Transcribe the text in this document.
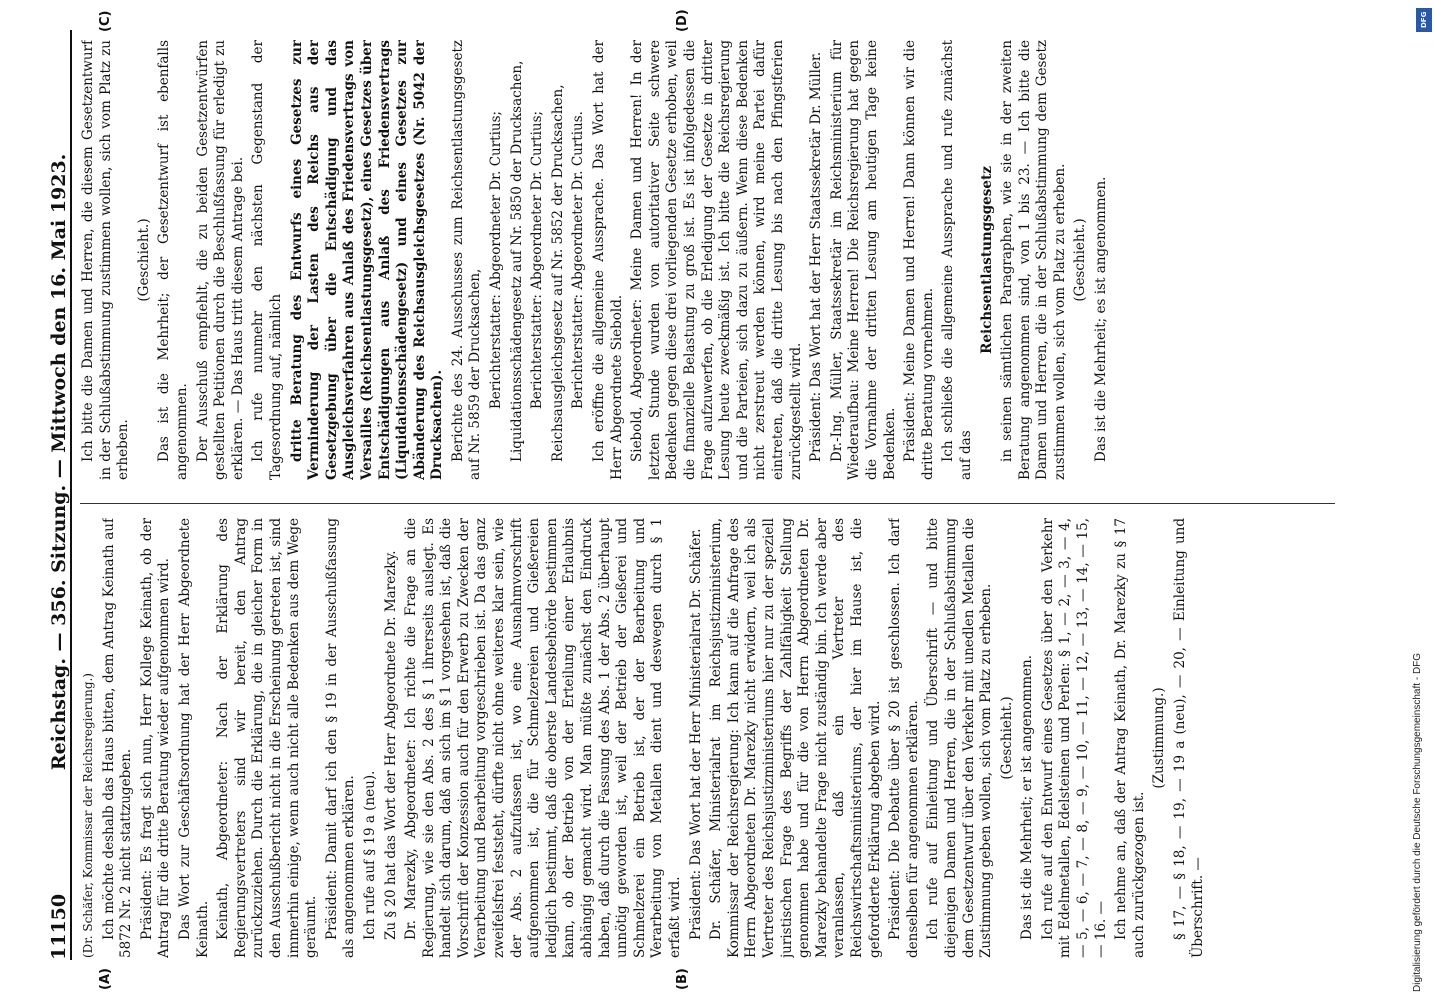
11150
Reichstag. — 356. Sitzung. — Mittwoch den 16. Mai 1923.

(Dr. Schäfer, Kommissar der Reichsregierung.) Ich möchte deshalb das Haus bitten, dem Antrag Keinath auf 5872 Nr. 2 nicht stattzugeben. Präsident: Es fragt sich nun, Herr Kollege Keinath, ob der Antrag für die dritte Beratung wieder aufgenommen wird. Das Wort zur Geschäftsordnung hat der Herr Abgeordnete Keinath. Keinath, Abgeordneter: Nach der Erklärung des Regierungsvertreters sind wir bereit, den Antrag zurückzuziehen. Durch die Erklärung, die in gleicher Form in den Ausschußbericht nicht in die Erscheinung getreten ist, sind immerhin einige, wenn auch nicht alle Bedenken aus dem Wege geräumt. Präsident: Damit darf ich den § 19 in der Ausschußfassung als angenommen erklären. Ich rufe auf § 19 a (neu). Zu § 20 hat das Wort der Herr Abgeordnete Dr. Marezky. Dr. Marezky, Abgeordneter: Ich richte die Frage an die Regierung, wie sie den Abs. 2 des § 1 ihrerseits auslegt. Es handelt sich darum, daß an sich im § 1 vorgesehen ist, daß die Vorschrift der Konzession auch für den Erwerb zu Zwecken der Verarbeitung und Bearbeitung vorgeschrieben ist. Da das ganz zweifelsfrei feststeht, dürfte nicht ohne weiteres klar sein, wie der Abs. 2 aufzufassen ist, wo eine Ausnahmvorschrift aufgenommen ist, die für Schmelzereien und Gießereien lediglich bestimmt, daß die oberste Landesbehörde bestimmen kann, ob der Betrieb von der Erteilung einer Erlaubnis abhängig gemacht wird. Man müßte zunächst den Eindruck haben, daß durch die Fassung des Abs. 1 der Abs. 2 überhaupt unnötig geworden ist, weil der Betrieb der Gießerei und Schmelzerei ein Betrieb ist, der der Bearbeitung und Verarbeitung von Metallen dient und deswegen durch § 1 erfaßt wird. Präsident: Das Wort hat der Herr Ministerialrat Dr. Schäfer. Dr. Schäfer, Ministerialrat im Reichsjustizministerium, Kommissar der Reichsregierung: Ich kann auf die Anfrage des Herrn Abgeordneten Dr. Marezky nicht erwidern, weil ich als Vertreter des Reichsjustizministeriums hier nur zu der speziell juristischen Frage des Begriffs der Zahlfähigkeit Stellung genommen habe und für die von Herrn Abgeordneten Dr. Marezky behandelte Frage nicht zuständig bin. Ich werde aber veranlassen, daß ein Vertreter des Reichswirtschaftsministeriums, der hier im Hause ist, die gefordderte Erklärung abgeben wird. Präsident: Die Debatte über § 20 ist geschlossen. Ich darf denselben für angenommen erklären. Ich rufe auf Einleitung und Überschrift — und bitte diejenigen Damen und Herren, die in der Schlußabstimmung dem Gesetzentwurf über den Verkehr mit unedlen Metallen die Zustimmung geben wollen, sich vom Platz zu erheben. (Geschieht.) Das ist die Mehrheit; er ist angenommen. Ich rufe auf den Entwurf eines Gesetzes über den Verkehr mit Edelmetallen, Edelsteinen und Perlen: § 1, — 2, — 3, — 4, — 5, — 6, — 7, — 8, — 9, — 10, — 11, — 12, — 13, — 14, — 15, — 16. — Ich nehme an, daß der Antrag Keinath, Dr. Marezky zu § 17 auch zurückgezogen ist.

(Zustimmung.) § 17, — § 18, — 19, — 19 a (neu), — 20, — Einleitung und Überschrift. —

Ich bitte die Damen und Herren, die diesem Gesetzentwurf in der Schlußabstimmung zustimmen wollen, sich vom Platz zu erheben.

(Geschieht.) Das ist die Mehrheit; der Gesetzentwurf ist ebenfalls angenommen. Der Ausschuß empfiehlt, die zu beiden Gesetzentwürfen gestellten Petitionen durch die Beschlußfassung für erledigt zu erklären. — Das Haus tritt diesem Antrage bei. Ich rufe nunmehr den nächsten Gegenstand der Tagesordnung auf, nämlich dritte Beratung des Entwurfs eines Gesetzes zur Verminderung der Lasten des Reichs aus der Gesetzgebung über die Entschädigung und das Ausgleichsverfahren aus Anlaß des Friedensvertrags von Versailles (Reichsentlastungsgesetz), eines Gesetzes über Entschädigungen aus Anlaß des Friedensvertrags (Liquidationsschädengesetz) und eines Gesetzes zur Abänderung des Reichsausgleichsgesetzes (Nr. 5042 der Drucksachen). Berichte des 24. Ausschusses zum Reichsentlastungsgesetz auf Nr. 5859 der Drucksachen, Berichterstatter: Abgeordneter Dr. Curtius; Liquidationsschädengesetz auf Nr. 5850 der Drucksachen, Berichterstatter: Abgeordneter Dr. Curtius; Reichsausgleichsgesetz auf Nr. 5852 der Drucksachen, Berichterstatter: Abgeordneter Dr. Curtius. Ich eröffne die allgemeine Aussprache. Das Wort hat der Herr Abgeordnete Siebold. Siebold, Abgeordneter: Meine Damen und Herren! In der letzten Stunde wurden von autoritativer Seite schwere Bedenken gegen diese drei vorliegenden Gesetze erhoben, weil die finanzielle Belastung zu groß ist. Es ist infolgedessen die Frage aufzuwerfen, ob die Erledigung der Gesetze in dritter Lesung heute zweckmäßig ist. Ich bitte die Reichsregierung und die Parteien, sich dazu zu äußern. Wenn diese Bedenken nicht zerstreut werden können, wird meine Partei dafür eintreten, daß die dritte Lesung bis nach den Pfingstferien zurückgestellt wird. Präsident: Das Wort hat der Herr Staatssekretär Dr. Müller. Dr.-Ing. Müller, Staatssekretär im Reichsministerium für Wiederaufbau: Meine Herren! Die Reichsregierung hat gegen die Vornahme der dritten Lesung am heutigen Tage keine Bedenken. Präsident: Meine Damen und Herren! Dann können wir die dritte Beratung vornehmen. Ich schließe die allgemeine Aussprache und rufe zunächst auf das

Reichsentlastungsgesetz in seinen sämtlichen Paragraphen, wie sie in der zweiten Beratung angenommen sind, von 1 bis 23. — Ich bitte die Damen und Herren, die in der Schlußabstimmung dem Gesetz zustimmen wollen, sich vom Platz zu erheben. (Geschieht.) Das ist die Mehrheit; es ist angenommen.

(A)	(B)
(C)	(D)
Digitalisierung gefördert durch die Deutsche Forschungsgemeinschaft - DFG
DFG
